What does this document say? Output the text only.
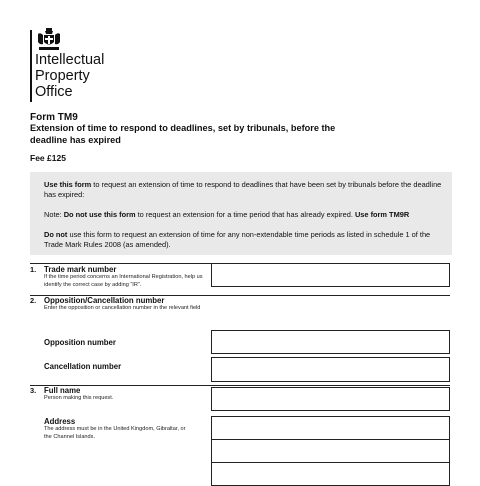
Intellectual
Property
Office
Form TM9
Extension of time to respond to deadlines, set by tribunals, before the deadline has expired
Fee £125

Use this form to request an extension of time to respond to deadlines that have been set by tribunals before the deadline has expired:

Note: Do not use this form to request an extension for a time period that has already expired. Use form TM9R

Do not use this form to request an extension of time for any non-extendable time periods as listed in schedule 1 of the Trade Mark Rules 2008 (as amended).

1. Trade mark number
If the time period concerns an International Registration, help us identify the correct case by adding “IR”.
2. Opposition/Cancellation number
Enter the opposition or cancellation number in the relevant field
Opposition number
Cancellation number
3. Full name
Person making this request.
Address
The address must be in the United Kingdom, Gibraltar, or the Channel Islands.
